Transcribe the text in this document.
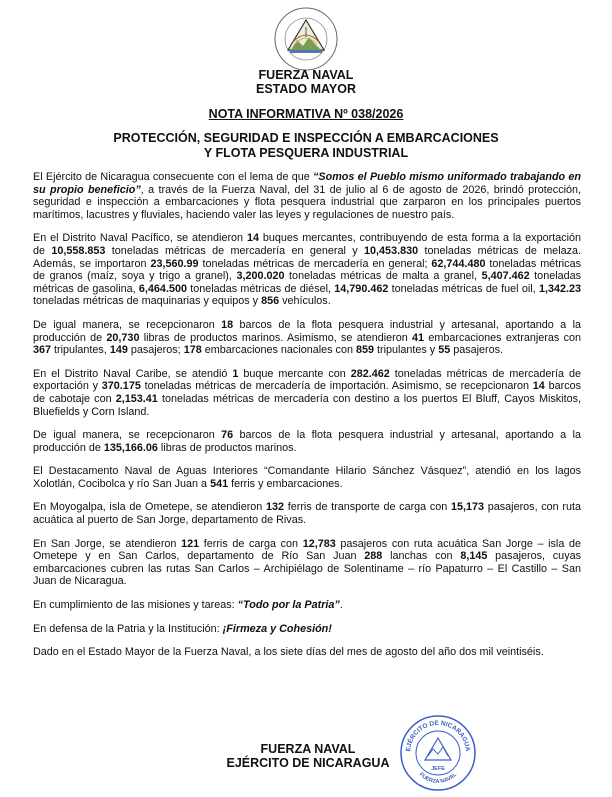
FUERZA NAVAL
ESTADO MAYOR
NOTA INFORMATIVA Nº 038/2026
PROTECCIÓN, SEGURIDAD E INSPECCIÓN A EMBARCACIONES
Y FLOTA PESQUERA INDUSTRIAL

El Ejército de Nicaragua consecuente con el lema de que “Somos el Pueblo mismo uniformado trabajando en su propio beneficio”, a través de la Fuerza Naval, del 31 de julio al 6 de agosto de 2026, brindó protección, seguridad e inspección a embarcaciones y flota pesquera industrial que zarparon en los principales puertos marítimos, lacustres y fluviales, haciendo valer las leyes y regulaciones de nuestro país.

En el Distrito Naval Pacífico, se atendieron 14 buques mercantes, contribuyendo de esta forma a la exportación de 10,558.853 toneladas métricas de mercadería en general y 10,453.830 toneladas métricas de melaza. Además, se importaron 23,560.99 toneladas métricas de mercadería en general; 62,744.480 toneladas métricas de granos (maíz, soya y trigo a granel), 3,200.020 toneladas métricas de malta a granel, 5,407.462 toneladas métricas de gasolina, 6,464.500 toneladas métricas de diésel, 14,790.462 toneladas métricas de fuel oil, 1,342.23 toneladas métricas de maquinarias y equipos y 856 vehículos.

De igual manera, se recepcionaron 18 barcos de la flota pesquera industrial y artesanal, aportando a la producción de 20,730 libras de productos marinos. Asimismo, se atendieron 41 embarcaciones extranjeras con 367 tripulantes, 149 pasajeros; 178 embarcaciones nacionales con 859 tripulantes y 55 pasajeros.

En el Distrito Naval Caribe, se atendió 1 buque mercante con 282.462 toneladas métricas de mercadería de exportación y 370.175 toneladas métricas de mercadería de importación. Asimismo, se recepcionaron 14 barcos de cabotaje con 2,153.41 toneladas métricas de mercadería con destino a los puertos El Bluff, Cayos Miskitos, Bluefields y Corn Island.

De igual manera, se recepcionaron 76 barcos de la flota pesquera industrial y artesanal, aportando a la producción de 135,166.06 libras de productos marinos.

El Destacamento Naval de Aguas Interiores “Comandante Hilario Sánchez Vásquez”, atendió en los lagos Xolotlán, Cocibolca y río San Juan a 541 ferris y embarcaciones.

En Moyogalpa, isla de Ometepe, se atendieron 132 ferris de transporte de carga con 15,173 pasajeros, con ruta acuática al puerto de San Jorge, departamento de Rivas.

En San Jorge, se atendieron 121 ferris de carga con 12,783 pasajeros con ruta acuática San Jorge – isla de Ometepe y en San Carlos, departamento de Río San Juan 288 lanchas con 8,145 pasajeros, cuyas embarcaciones cubren las rutas San Carlos – Archipiélago de Solentiname – río Papaturro – El Castillo – San Juan de Nicaragua.

En cumplimiento de las misiones y tareas: “Todo por la Patria”.

En defensa de la Patria y la Institución: ¡Firmeza y Cohesión!

Dado en el Estado Mayor de la Fuerza Naval, a los siete días del mes de agosto del año dos mil veintiséis.

FUERZA NAVAL
EJÉRCITO DE NICARAGUA
EJÉRCITO DE NICARAGUA
FUERZA NAVAL
JEFE
